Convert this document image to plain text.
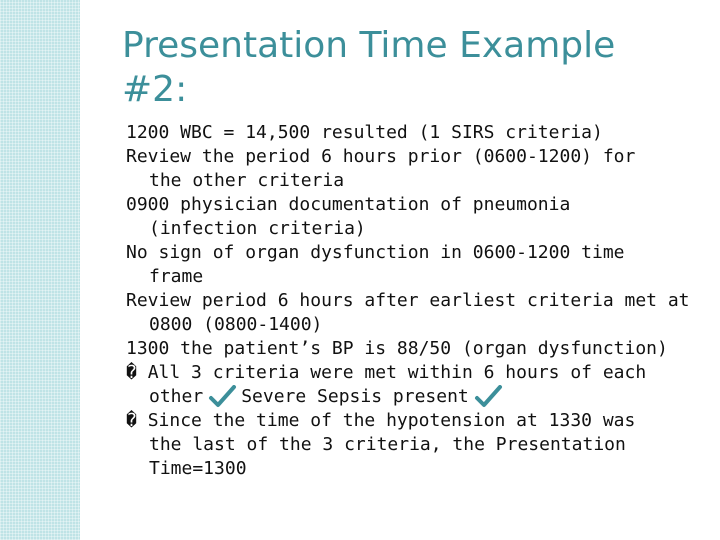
Presentation Time Example
#2:
1200 WBC = 14,500 resulted (1 SIRS criteria)
Review the period 6 hours prior (0600-1200) for
the other criteria
0900 physician documentation of pneumonia
(infection criteria)
No sign of organ dysfunction in 0600-1200 time
frame
Review period 6 hours after earliest criteria met at
0800 (0800-1400)
1300 the patient’s BP is 88/50 (organ dysfunction)
� All 3 criteria were met within 6 hours of each
other Severe Sepsis present
� Since the time of the hypotension at 1330 was
the last of the 3 criteria, the Presentation
Time=1300
